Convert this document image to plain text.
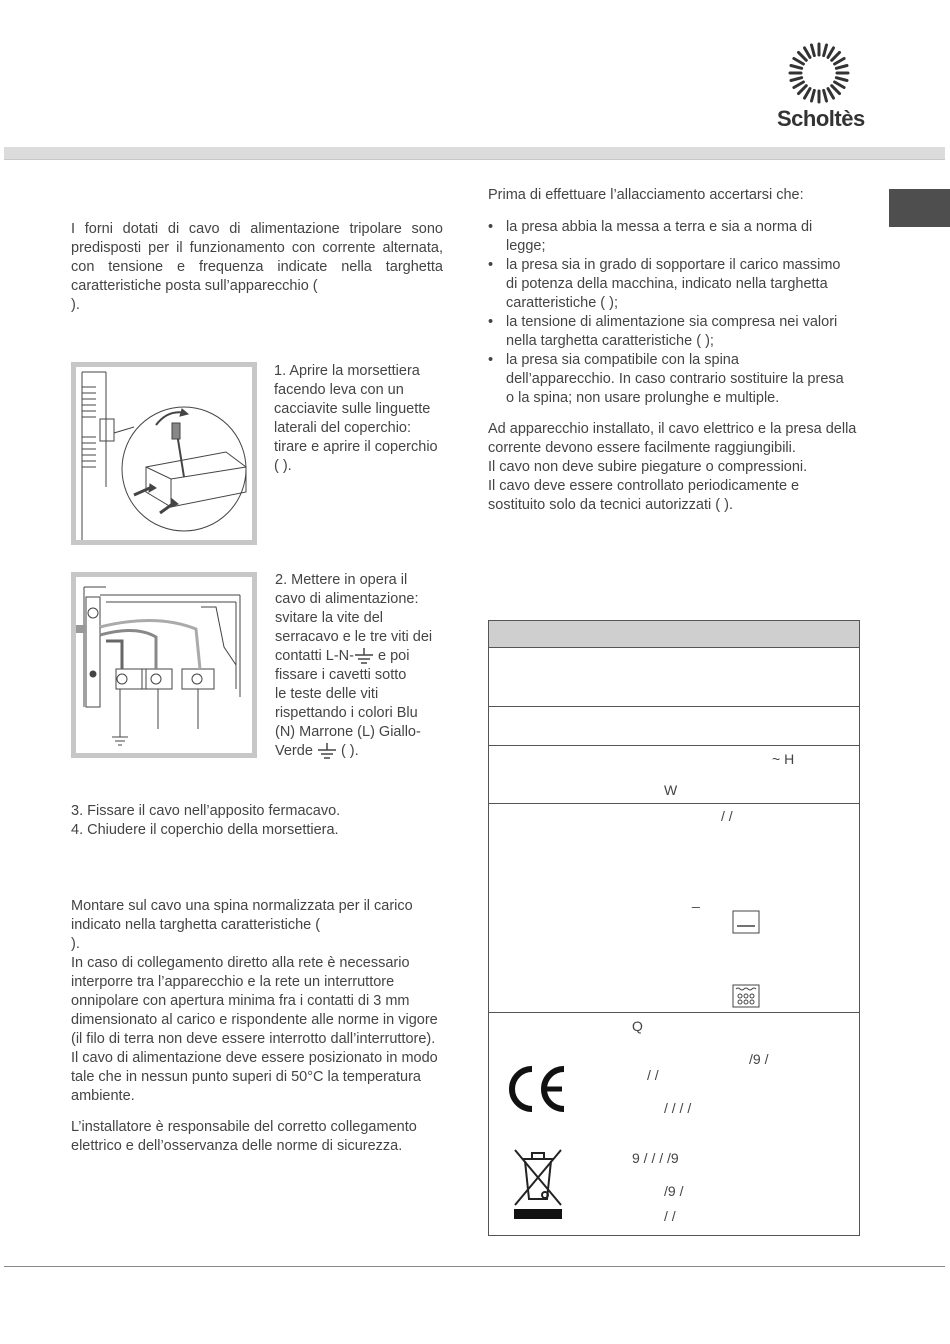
Scholtès
I forni dotati di cavo di alimentazione tripolare sono predisposti per il funzionamento con corrente alternata, con tensione e frequenza indicate nella targhetta caratteristiche posta sull’apparecchio (
).
1. Aprire la morsettiera facendo leva con un cacciavite sulle linguette laterali del coperchio: tirare e aprire il coperchio
( ).
2. Mettere in opera il cavo di alimentazione: svitare la vite del serracavo e le tre viti dei contatti L-N- e poi fissare i cavetti sotto
le teste delle viti rispettando i colori Blu (N) Marrone (L) Giallo-Verde  ( ).
3. Fissare il cavo nell’apposito fermacavo.
4. Chiudere il coperchio della morsettiera.
Montare sul cavo una spina normalizzata per il carico indicato nella targhetta caratteristiche (
).
In caso di collegamento diretto alla rete è necessario interporre tra l’apparecchio e la rete un interruttore onnipolare con apertura minima fra i contatti di 3 mm dimensionato al carico e rispondente alle norme in vigore (il filo di terra non deve essere interrotto dall’interruttore). Il cavo di alimentazione deve essere posizionato in modo tale che in nessun punto superi di 50°C la temperatura ambiente.
L’installatore è responsabile del corretto collegamento elettrico e dell’osservanza delle norme di sicurezza.
Prima di effettuare l’allacciamento accertarsi che:
• la presa abbia la messa a terra e sia a norma di legge;
• la presa sia in grado di sopportare il carico massimo di potenza della macchina, indicato nella targhetta caratteristiche ( );
• la tensione di alimentazione sia compresa nei valori nella targhetta caratteristiche ( );
• la presa sia compatibile con la spina dell’apparecchio. In caso contrario sostituire la presa o la spina; non usare prolunghe e multiple.
Ad apparecchio installato, il cavo elettrico e la presa della corrente devono essere facilmente raggiungibili.
Il cavo non deve subire piegature o compressioni.
Il cavo deve essere controllato periodicamente e sostituito solo da tecnici autorizzati ( ).
~ H
W
/ /
_
Q
/9 /
/ /
/ / / /
9 / / / /9
/9 /
/ /
